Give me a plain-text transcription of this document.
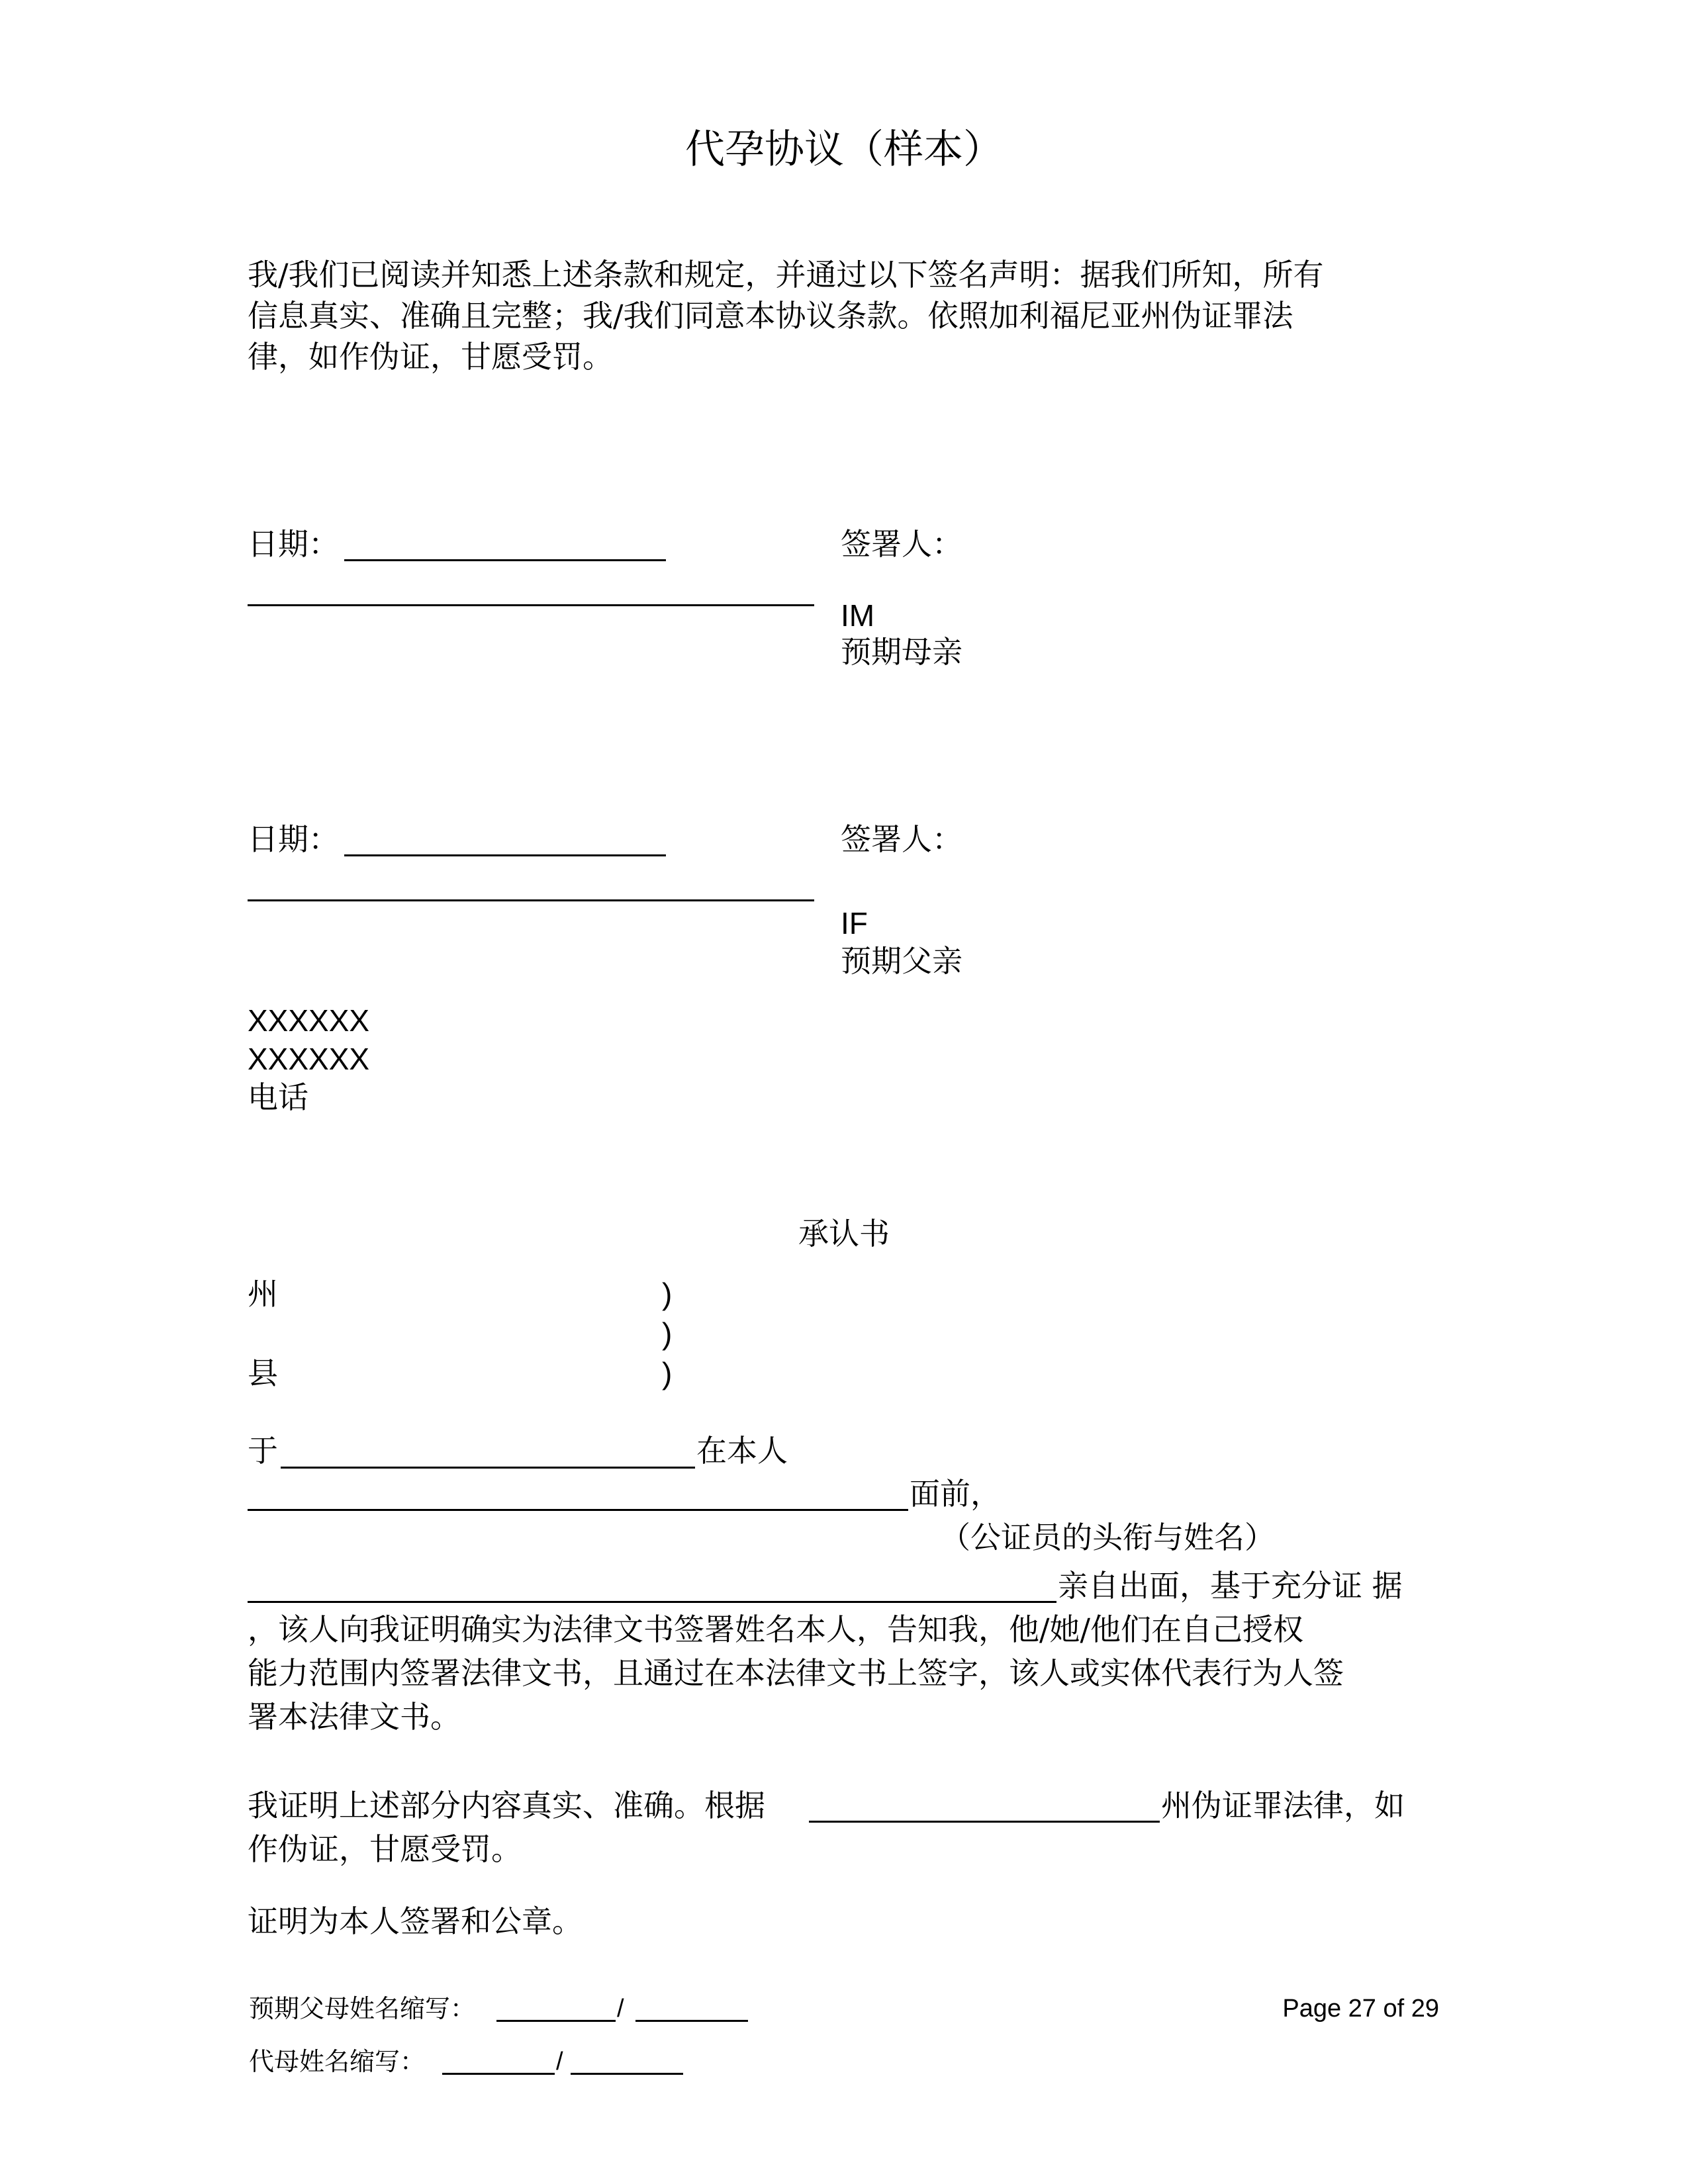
代孕协议（样本）
我/我们已阅读并知悉上述条款和规定，并通过以下签名声明：据我们所知，所有
信息真实、准确且完整；我/我们同意本协议条款。依照加利福尼亚州伪证罪法
律，如作伪证，甘愿受罚。
日期：	签署人：
IM
预期母亲
日期：	签署人：
IF
预期父亲
XXXXXX
XXXXXX
电话
承认书
州	)
)
县	)
于	在本人
面前，
（公证员的头衔与姓名）
亲自出面，基于充分证 据
，该人向我证明确实为法律文书签署姓名本人，告知我，他/她/他们在自己授权
能力范围内签署法律文书，且通过在本法律文书上签字，该人或实体代表行为人签
署本法律文书。
我证明上述部分内容真实、准确。根据	州伪证罪法律，如
作伪证，甘愿受罚。
证明为本人签署和公章。
预期父母姓名缩写：	/
代母姓名缩写：	/
Page 27 of 29
